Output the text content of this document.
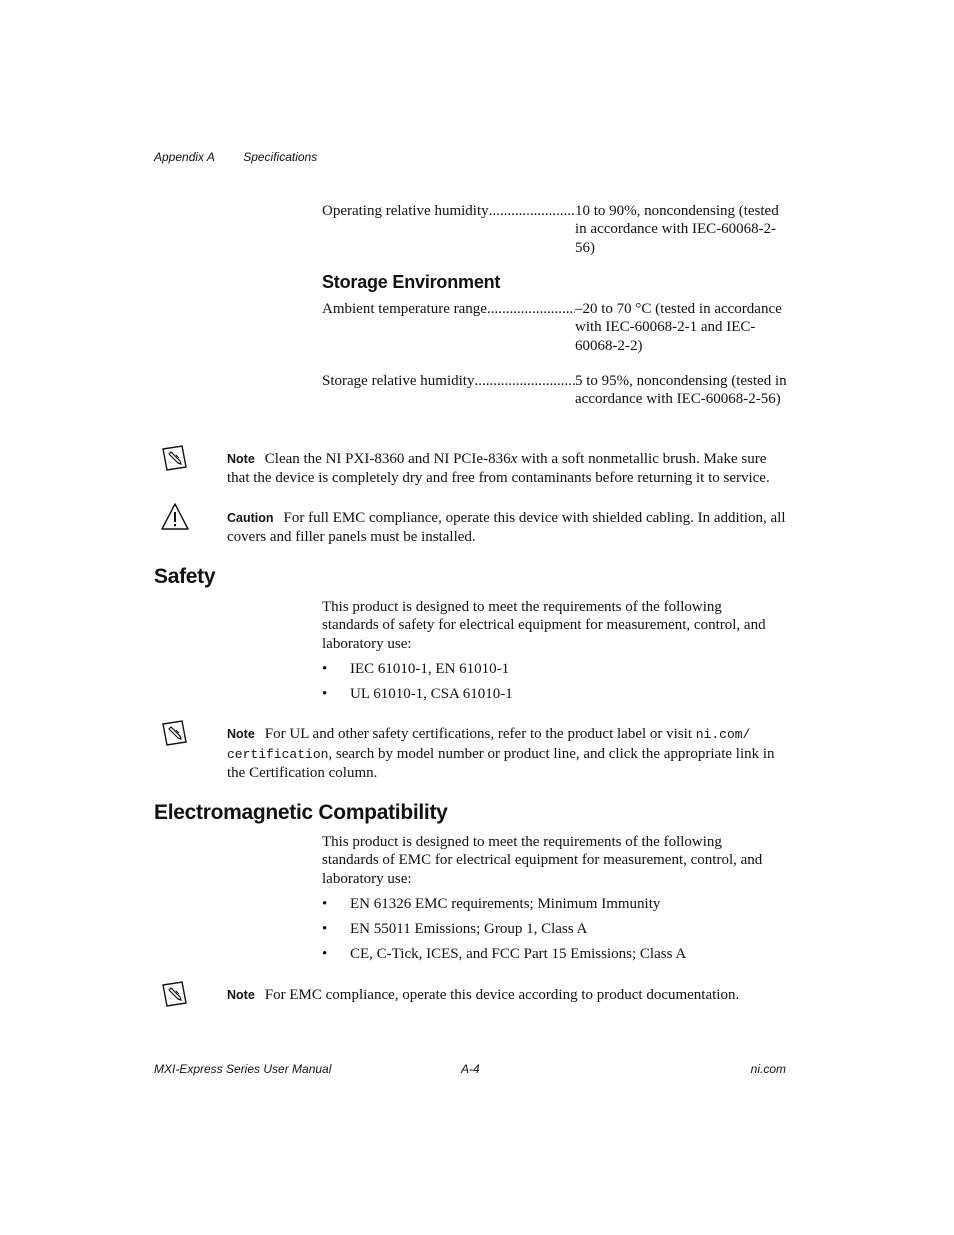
Appendix A Specifications
Operating relative humidity .....	10 to 90%, noncondensing (tested in accordance with IEC-60068-2-56)
Storage Environment
Ambient temperature range .....	–20 to 70 °C (tested in accordance with IEC-60068-2-1 and IEC-60068-2-2)
Storage relative humidity .....	5 to 95%, noncondensing (tested in accordance with IEC-60068-2-56)
Note Clean the NI PXI-8360 and NI PCIe-836x with a soft nonmetallic brush. Make sure that the device is completely dry and free from contaminants before returning it to service.
Caution For full EMC compliance, operate this device with shielded cabling. In addition, all covers and filler panels must be installed.
Safety
This product is designed to meet the requirements of the following standards of safety for electrical equipment for measurement, control, and laboratory use:
• IEC 61010-1, EN 61010-1
• UL 61010-1, CSA 61010-1
Note For UL and other safety certifications, refer to the product label or visit ni.com/
certification, search by model number or product line, and click the appropriate link in the Certification column.
Electromagnetic Compatibility
This product is designed to meet the requirements of the following standards of EMC for electrical equipment for measurement, control, and laboratory use:
• EN 61326 EMC requirements; Minimum Immunity
• EN 55011 Emissions; Group 1, Class A
• CE, C-Tick, ICES, and FCC Part 15 Emissions; Class A
Note For EMC compliance, operate this device according to product documentation.
MXI-Express Series User Manual	A-4	ni.com
